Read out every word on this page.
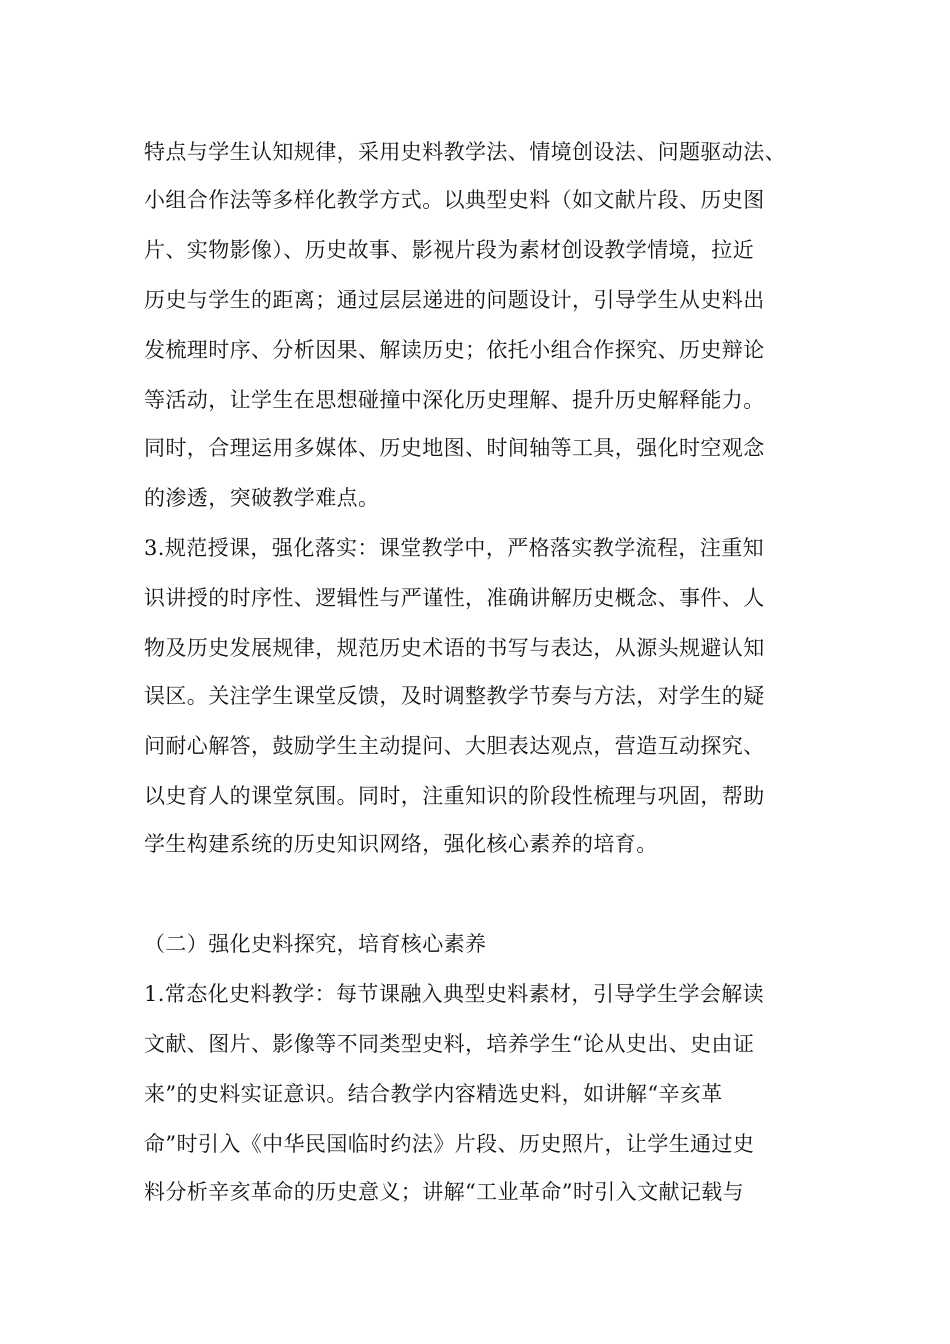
特点与学生认知规律，采用史料教学法、情境创设法、问题驱动法、
小组合作法等多样化教学方式。以典型史料（如文献片段、历史图
片、实物影像）、历史故事、影视片段为素材创设教学情境，拉近
历史与学生的距离；通过层层递进的问题设计，引导学生从史料出
发梳理时序、分析因果、解读历史；依托小组合作探究、历史辩论
等活动，让学生在思想碰撞中深化历史理解、提升历史解释能力。
同时，合理运用多媒体、历史地图、时间轴等工具，强化时空观念
的渗透，突破教学难点。
3.规范授课，强化落实：课堂教学中，严格落实教学流程，注重知
识讲授的时序性、逻辑性与严谨性，准确讲解历史概念、事件、人
物及历史发展规律，规范历史术语的书写与表达，从源头规避认知
误区。关注学生课堂反馈，及时调整教学节奏与方法，对学生的疑
问耐心解答，鼓励学生主动提问、大胆表达观点，营造互动探究、
以史育人的课堂氛围。同时，注重知识的阶段性梳理与巩固，帮助
学生构建系统的历史知识网络，强化核心素养的培育。
（二）强化史料探究，培育核心素养
1.常态化史料教学：每节课融入典型史料素材，引导学生学会解读
文献、图片、影像等不同类型史料，培养学生“论从史出、史由证
来”的史料实证意识。结合教学内容精选史料，如讲解“辛亥革
命”时引入《中华民国临时约法》片段、历史照片，让学生通过史
料分析辛亥革命的历史意义；讲解“工业革命”时引入文献记载与
